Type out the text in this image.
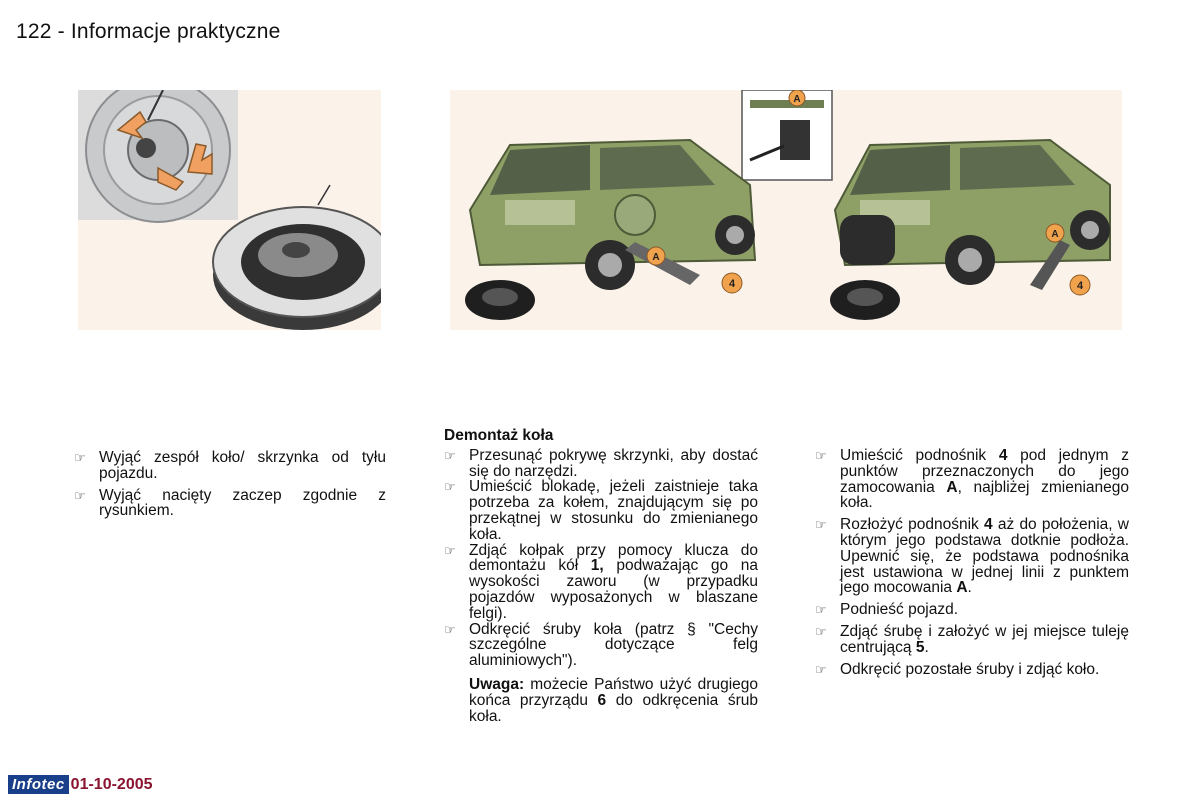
122 - Informacje praktyczne
A
A
4
A
4
☞ Wyjąć zespół koło/ skrzynka od tyłu pojazdu.
☞ Wyjąć nacięty zaczep zgodnie z rysunkiem.
Demontaż koła
☞ Przesunąć pokrywę skrzynki, aby dostać się do narzędzi.
☞ Umieścić blokadę, jeżeli zaistnieje taka potrzeba za kołem, znajdującym się po przekątnej w stosunku do zmienianego koła.
☞ Zdjąć kołpak przy pomocy klucza do demontażu kół 1, podważając go na wysokości zaworu (w przypadku pojazdów wyposażonych w blaszane felgi).
☞ Odkręcić śruby koła (patrz § "Cechy szczególne dotyczące felg aluminiowych").
Uwaga: możecie Państwo użyć drugiego końca przyrządu 6 do odkręcenia śrub koła.
☞ Umieścić podnośnik 4 pod jednym z punktów przeznaczonych do jego zamocowania A, najbliżej zmienianego koła.
☞ Rozłożyć podnośnik 4 aż do położenia, w którym jego podstawa dotknie podłoża. Upewnić się, że podstawa podnośnika jest ustawiona w jednej linii z punktem jego mocowania A.
☞ Podnieść pojazd.
☞ Zdjąć śrubę i założyć w jej miejsce tuleję centrującą 5.
☞ Odkręcić pozostałe śruby i zdjąć koło.
Infotec 01-10-2005
